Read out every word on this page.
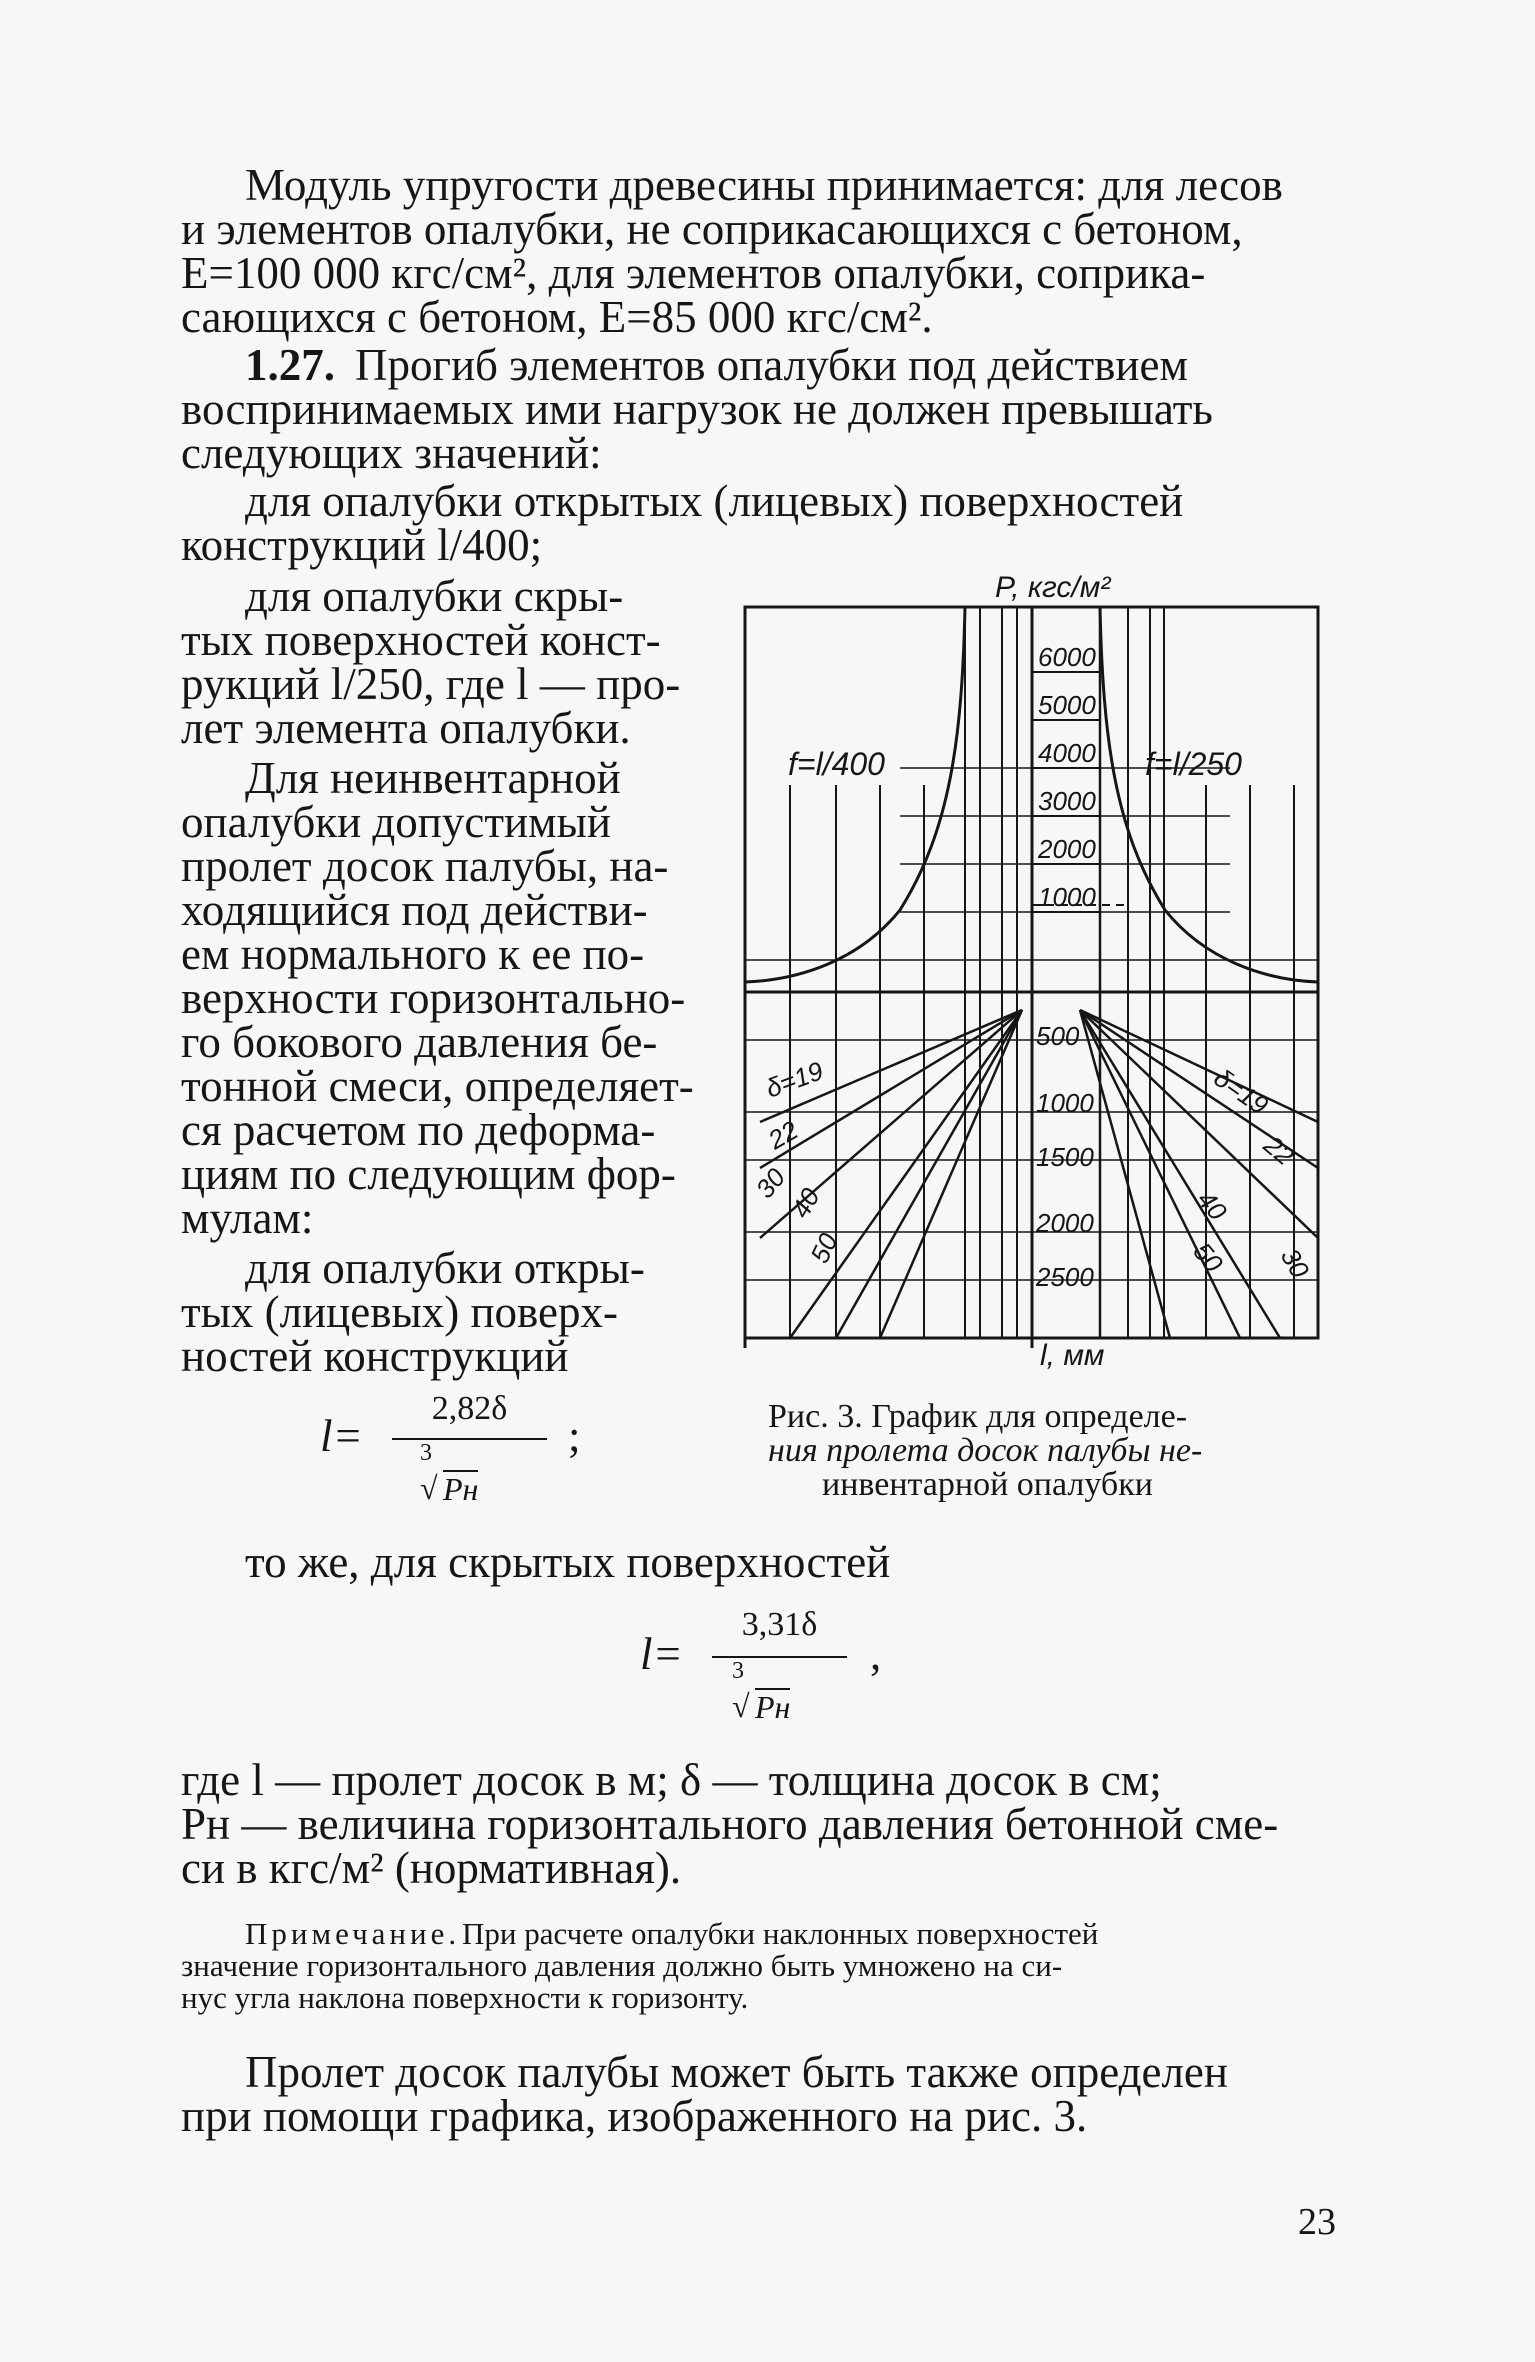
Модуль упругости древесины принимается: для лесов
и элементов опалубки, не соприкасающихся с бетоном,
E=100 000 кгс/см², для элементов опалубки, соприка-
сающихся с бетоном, E=85 000 кгс/см².
1.27. Прогиб элементов опалубки под действием
воспринимаемых ими нагрузок не должен превышать
следующих значений:
для опалубки открытых (лицевых) поверхностей
конструкций l/400;
для опалубки скры-
тых поверхностей конст-
рукций l/250, где l — про-
лет элемента опалубки.
Для неинвентарной
опалубки допустимый
пролет досок палубы, на-
ходящийся под действи-
ем нормального к ее по-
верхности горизонтально-
го бокового давления бе-
тонной смеси, определяет-
ся расчетом по деформа-
циям по следующим фор-
мулам:
для опалубки откры-
тых (лицевых) поверх-
ностей конструкций
l=
2,82δ
3
√ Pн
;
P, кгс/м²
l, мм
6000
5000
4000
3000
2000
1000
500
1000
1500
2000
2500
f=l/400	f=l/250
δ=19
22
30
40
50
δ=19
22
40
50 30
Рис. 3. График для определе-
ния пролета досок палубы не-
инвентарной опалубки
то же, для скрытых поверхностей
l=
3,31δ
3
√ Pн
,
где l — пролет досок в м; δ — толщина досок в см;
Pн — величина горизонтального давления бетонной сме-
си в кгс/м² (нормативная).
Примечание. При расчете опалубки наклонных поверхностей
значение горизонтального давления должно быть умножено на си-
нус угла наклона поверхности к горизонту.
Пролет досок палубы может быть также определен
при помощи графика, изображенного на рис. 3.
23
